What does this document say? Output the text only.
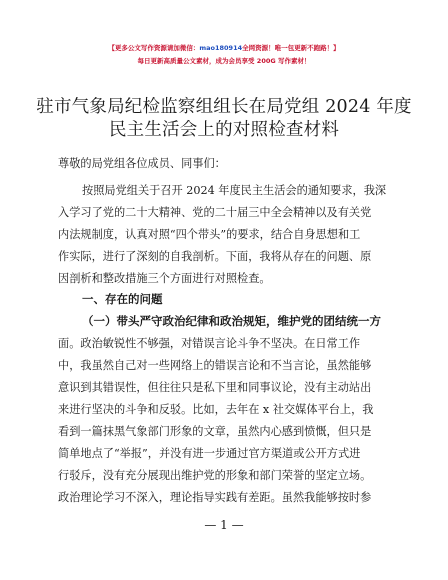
【更多公文写作资源请加微信：mao180914全网资源！唯一包更新不跑路！】
每日更新高质量公文素材，成为会员享受 200G 写作素材！
驻市气象局纪检监察组组长在局党组 2024 年度
民主生活会上的对照检查材料
尊敬的局党组各位成员、同事们：
按照局党组关于召开 2024 年度民主生活会的通知要求，我深
入学习了党的二十大精神、党的二十届三中全会精神以及有关党
内法规制度，认真对照“四个带头”的要求，结合自身思想和工
作实际，进行了深刻的自我剖析。下面，我将从存在的问题、原
因剖析和整改措施三个方面进行对照检查。
一、存在的问题
（一）带头严守政治纪律和政治规矩，维护党的团结统一方
面。政治敏锐性不够强，对错误言论斗争不坚决。在日常工作
中，我虽然自己对一些网络上的错误言论和不当言论，虽然能够
意识到其错误性，但往往只是私下里和同事议论，没有主动站出
来进行坚决的斗争和反驳。比如，去年在 x 社交媒体平台上，我
看到一篇抹黑气象部门形象的文章，虽然内心感到愤慨，但只是
简单地点了“举报”，并没有进一步通过官方渠道或公开方式进
行驳斥，没有充分展现出维护党的形象和部门荣誉的坚定立场。
政治理论学习不深入，理论指导实践有差距。虽然我能够按时参
— 1 —
